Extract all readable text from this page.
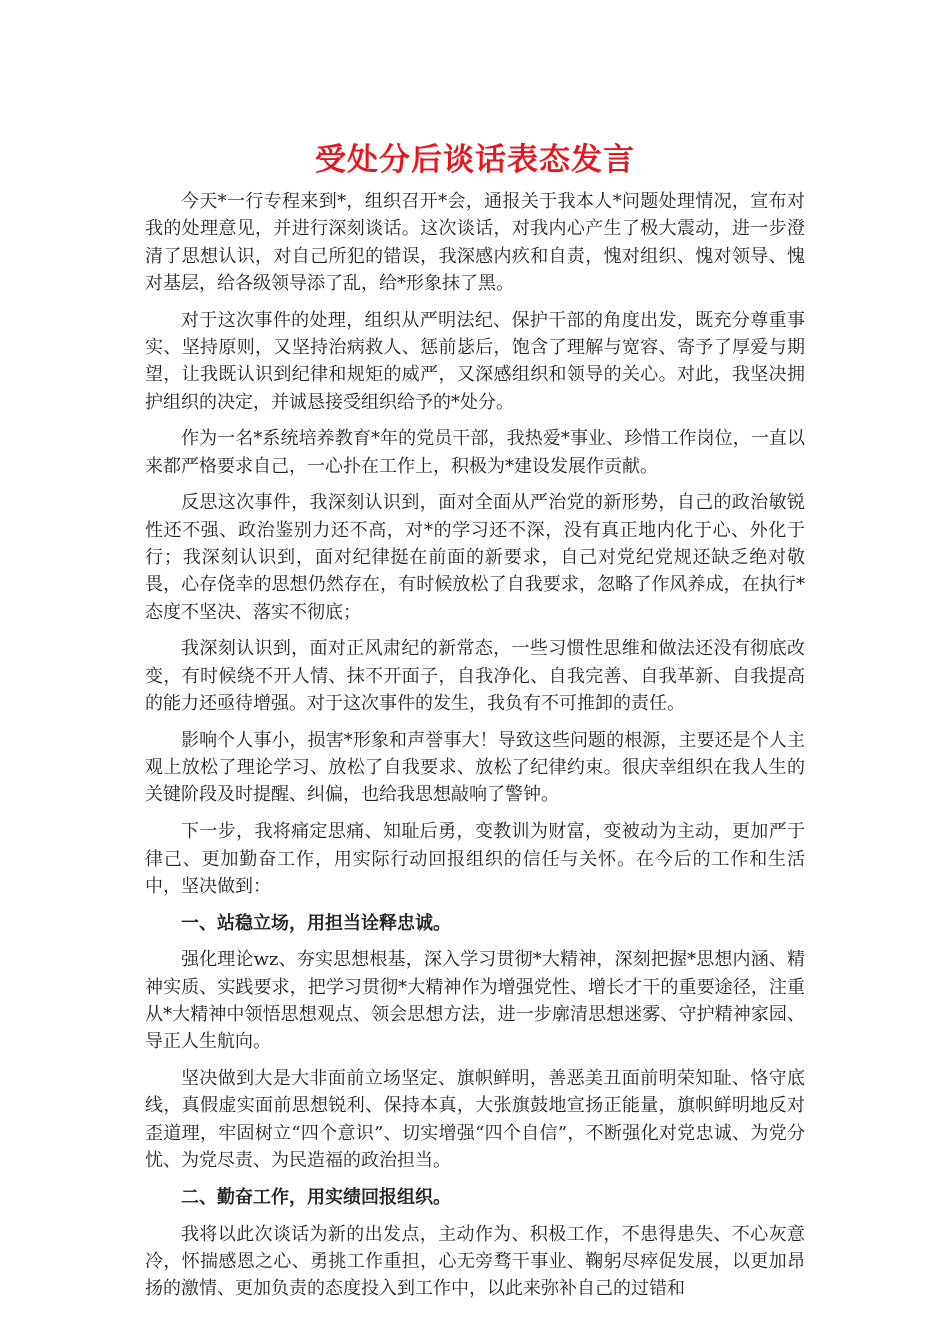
受处分后谈话表态发言

今天*一行专程来到*，组织召开*会，通报关于我本人*问题处理情况，宣布对我的处理意见，并进行深刻谈话。这次谈话，对我内心产生了极大震动，进一步澄清了思想认识，对自己所犯的错误，我深感内疚和自责，愧对组织、愧对领导、愧对基层，给各级领导添了乱，给*形象抹了黑。

对于这次事件的处理，组织从严明法纪、保护干部的角度出发，既充分尊重事实、坚持原则，又坚持治病救人、惩前毖后，饱含了理解与宽容、寄予了厚爱与期望，让我既认识到纪律和规矩的威严，又深感组织和领导的关心。对此，我坚决拥护组织的决定，并诚恳接受组织给予的*处分。

作为一名*系统培养教育*年的党员干部，我热爱*事业、珍惜工作岗位，一直以来都严格要求自己，一心扑在工作上，积极为*建设发展作贡献。

反思这次事件，我深刻认识到，面对全面从严治党的新形势，自己的政治敏锐性还不强、政治鉴别力还不高，对*的学习还不深，没有真正地内化于心、外化于行；我深刻认识到，面对纪律挺在前面的新要求，自己对党纪党规还缺乏绝对敬畏，心存侥幸的思想仍然存在，有时候放松了自我要求，忽略了作风养成，在执行*态度不坚决、落实不彻底；

我深刻认识到，面对正风肃纪的新常态，一些习惯性思维和做法还没有彻底改变，有时候绕不开人情、抹不开面子，自我净化、自我完善、自我革新、自我提高的能力还亟待增强。对于这次事件的发生，我负有不可推卸的责任。

影响个人事小，损害*形象和声誉事大！导致这些问题的根源，主要还是个人主观上放松了理论学习、放松了自我要求、放松了纪律约束。很庆幸组织在我人生的关键阶段及时提醒、纠偏，也给我思想敲响了警钟。

下一步，我将痛定思痛、知耻后勇，变教训为财富，变被动为主动，更加严于律己、更加勤奋工作，用实际行动回报组织的信任与关怀。在今后的工作和生活中，坚决做到：

一、站稳立场，用担当诠释忠诚。

强化理论wz、夯实思想根基，深入学习贯彻*大精神，深刻把握*思想内涵、精神实质、实践要求，把学习贯彻*大精神作为增强党性、增长才干的重要途径，注重从*大精神中领悟思想观点、领会思想方法，进一步廓清思想迷雾、守护精神家园、导正人生航向。

坚决做到大是大非面前立场坚定、旗帜鲜明，善恶美丑面前明荣知耻、恪守底线，真假虚实面前思想锐利、保持本真，大张旗鼓地宣扬正能量，旗帜鲜明地反对歪道理，牢固树立“四个意识”、切实增强“四个自信”，不断强化对党忠诚、为党分忧、为党尽责、为民造福的政治担当。

二、勤奋工作，用实绩回报组织。

我将以此次谈话为新的出发点，主动作为、积极工作，不患得患失、不心灰意冷，怀揣感恩之心、勇挑工作重担，心无旁骛干事业、鞠躬尽瘁促发展，以更加昂扬的激情、更加负责的态度投入到工作中，以此来弥补自己的过错和
